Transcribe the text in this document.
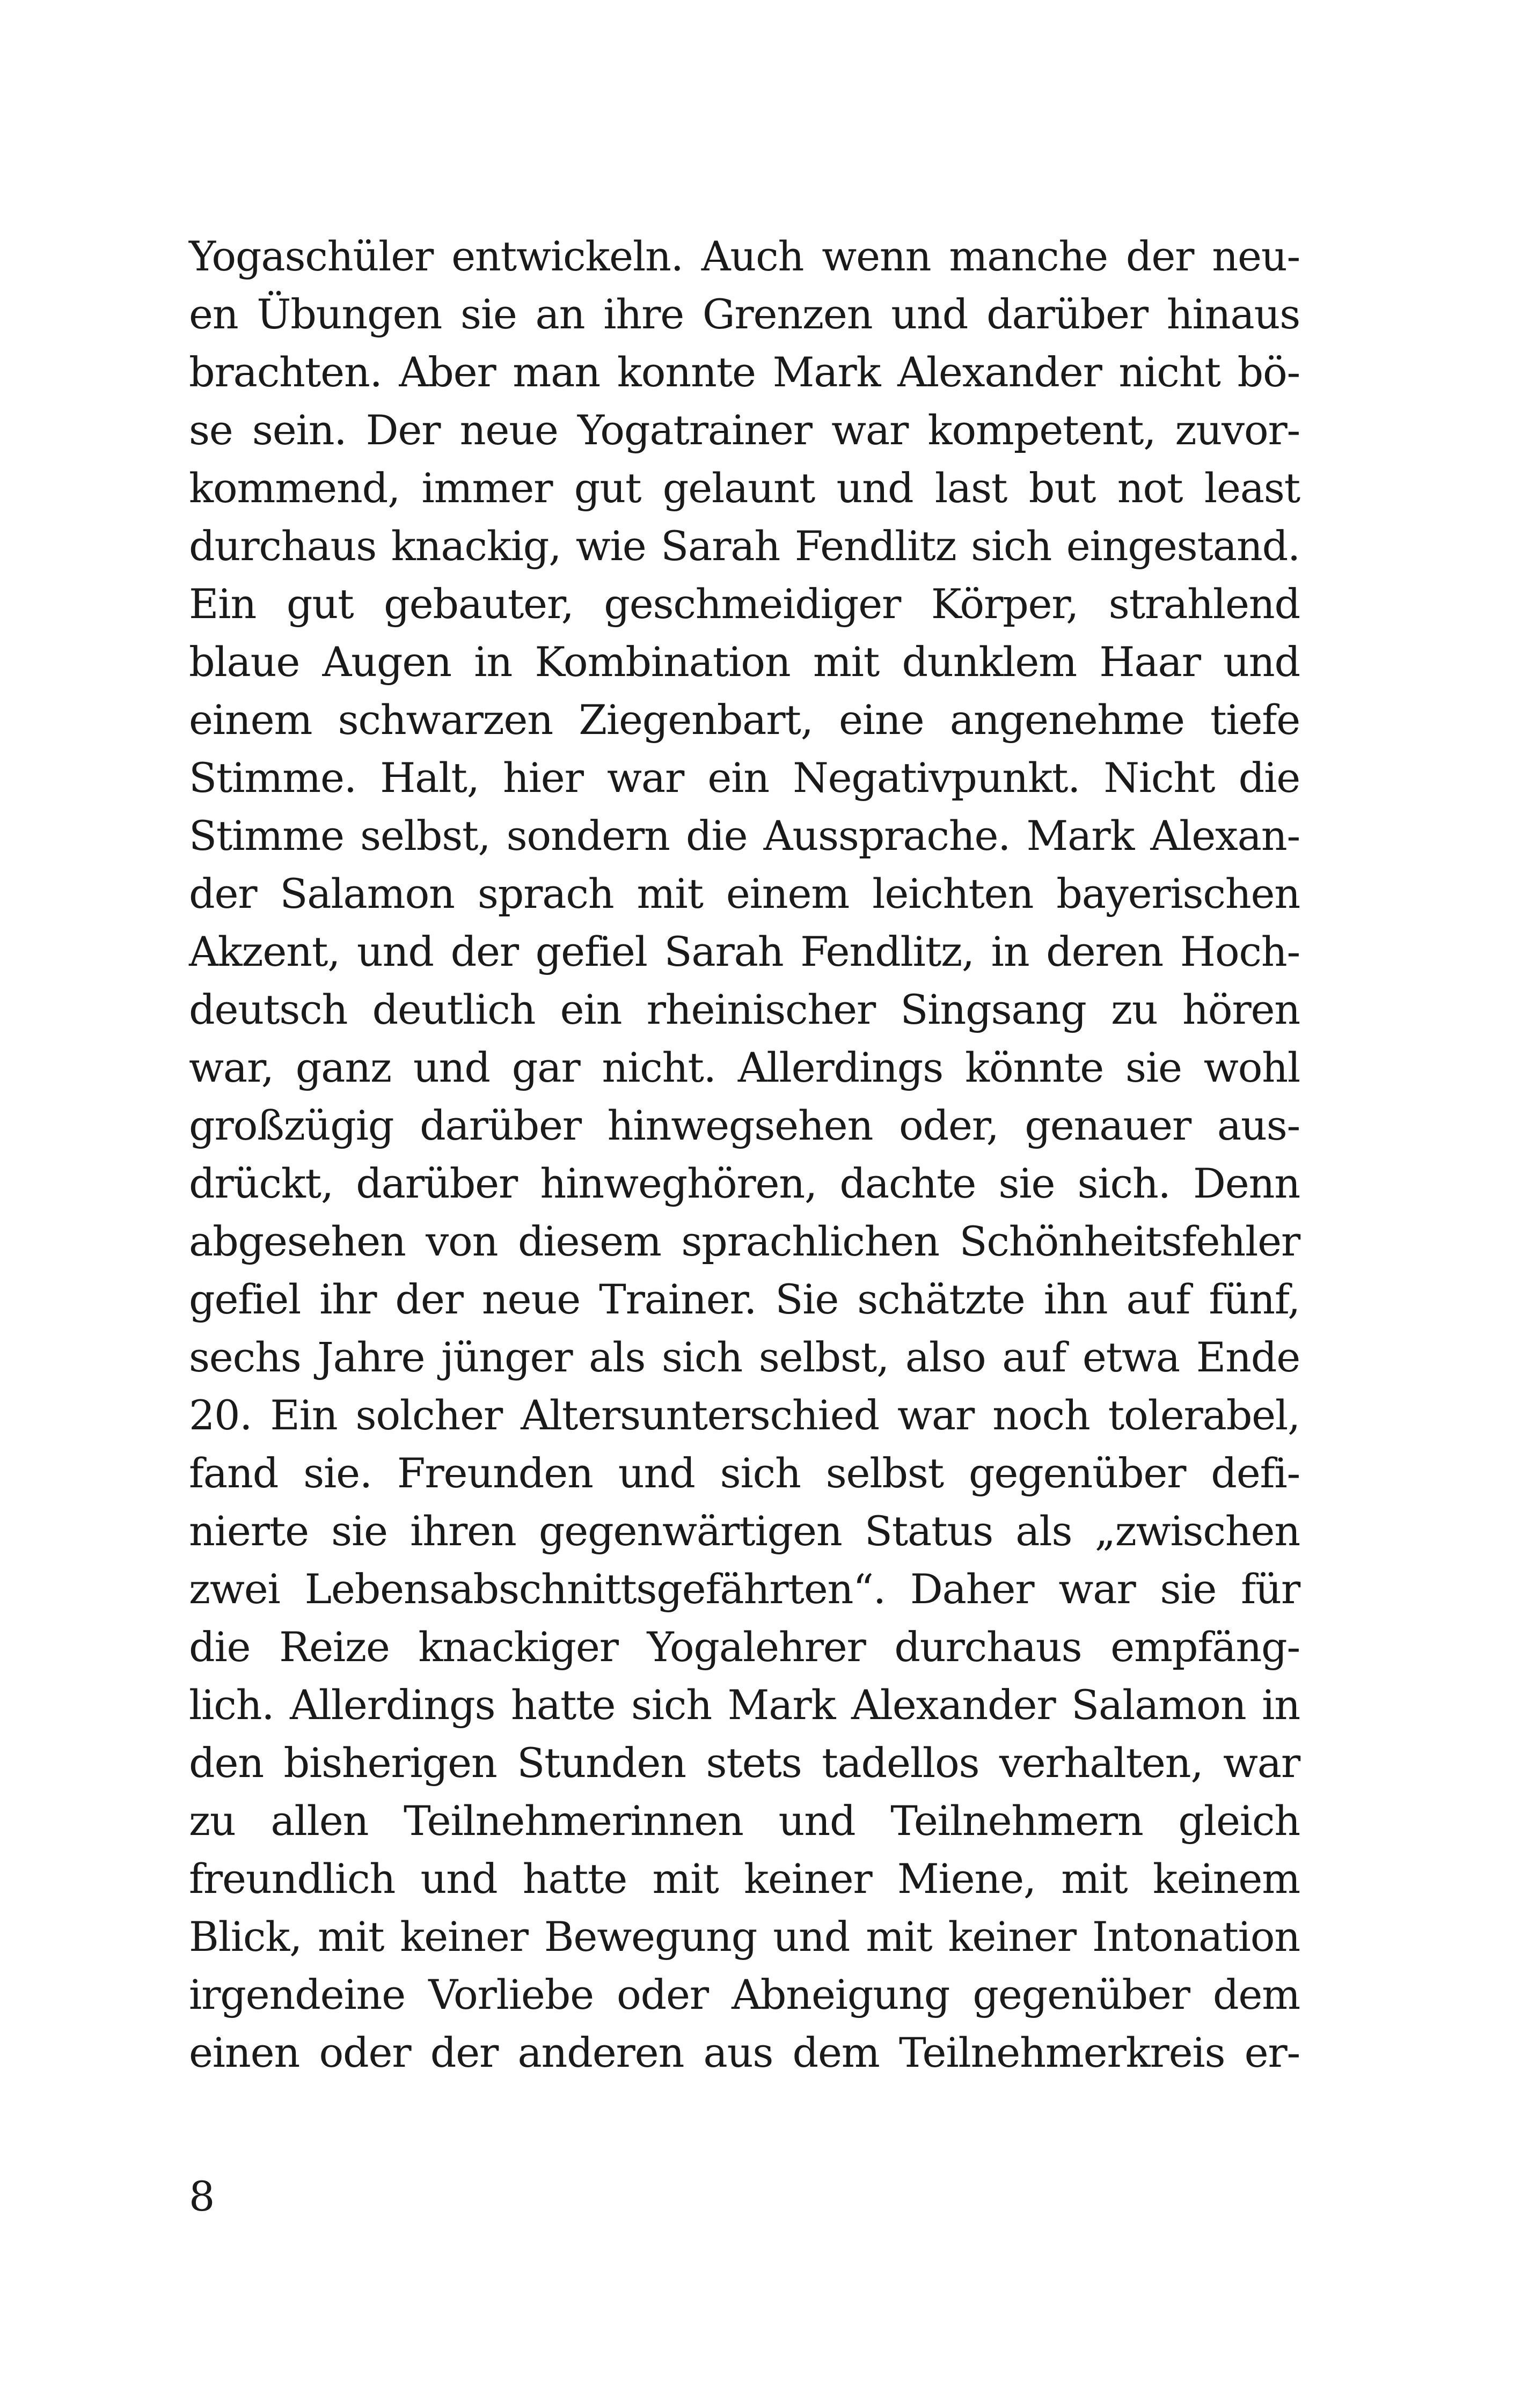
Yogaschüler entwickeln. Auch wenn manche der neu-
en Übungen sie an ihre Grenzen und darüber hinaus
brachten. Aber man konnte Mark Alexander nicht bö-
se sein. Der neue Yogatrainer war kompetent, zuvor-
kommend, immer gut gelaunt und last but not least
durchaus knackig, wie Sarah Fendlitz sich eingestand.
Ein gut gebauter, geschmeidiger Körper, strahlend
blaue Augen in Kombination mit dunklem Haar und
einem schwarzen Ziegenbart, eine angenehme tiefe
Stimme. Halt, hier war ein Negativpunkt. Nicht die
Stimme selbst, sondern die Aussprache. Mark Alexan-
der Salamon sprach mit einem leichten bayerischen
Akzent, und der gefiel Sarah Fendlitz, in deren Hoch-
deutsch deutlich ein rheinischer Singsang zu hören
war, ganz und gar nicht. Allerdings könnte sie wohl
großzügig darüber hinwegsehen oder, genauer aus-
drückt, darüber hinweghören, dachte sie sich. Denn
abgesehen von diesem sprachlichen Schönheitsfehler
gefiel ihr der neue Trainer. Sie schätzte ihn auf fünf,
sechs Jahre jünger als sich selbst, also auf etwa Ende
20. Ein solcher Altersunterschied war noch tolerabel,
fand sie. Freunden und sich selbst gegenüber defi-
nierte sie ihren gegenwärtigen Status als „zwischen
zwei Lebensabschnittsgefährten“. Daher war sie für
die Reize knackiger Yogalehrer durchaus empfäng-
lich. Allerdings hatte sich Mark Alexander Salamon in
den bisherigen Stunden stets tadellos verhalten, war
zu allen Teilnehmerinnen und Teilnehmern gleich
freundlich und hatte mit keiner Miene, mit keinem
Blick, mit keiner Bewegung und mit keiner Intonation
irgendeine Vorliebe oder Abneigung gegenüber dem
einen oder der anderen aus dem Teilnehmerkreis er-

8
